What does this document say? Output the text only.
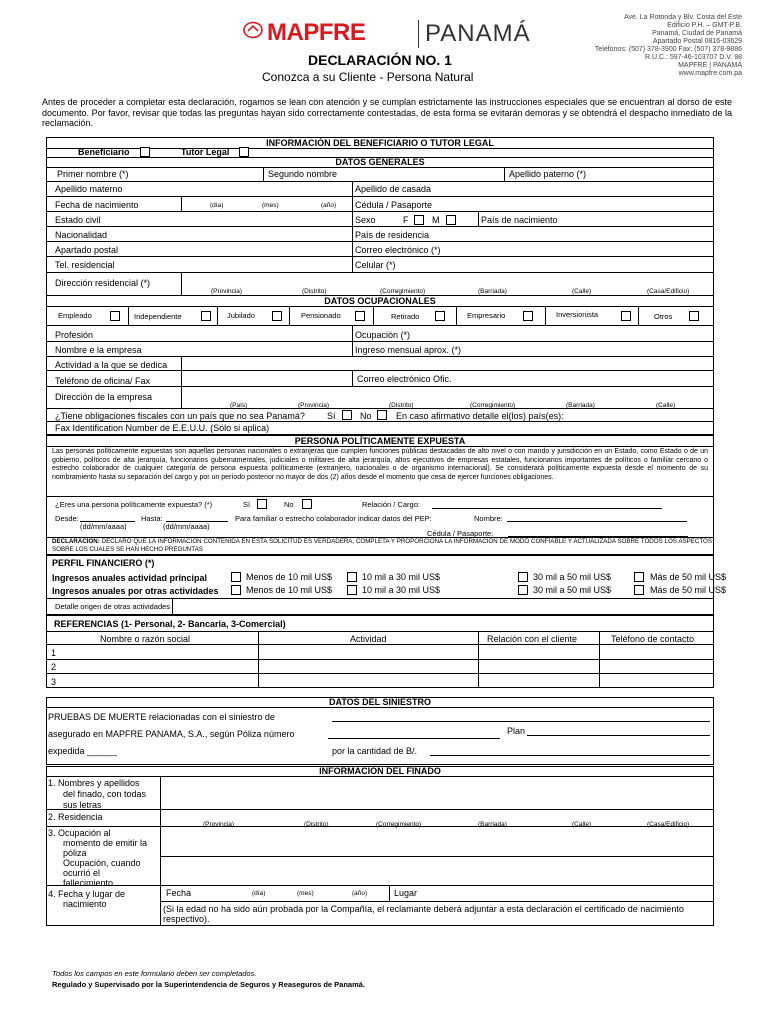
MAPFRE PANAMÁ
Ave. La Rotonda y Blv. Costa del Este
Edificio P.H. – GMT-P.B.
Panamá, Ciudad de Panamá
Apartado Postal 0816-03629
Teléfonos: (507) 378-3900 Fax: (507) 378-9886
R.U.C.: 597-46-103707 D.V. 98
MAPFRE | PANAMÁ
www.mapfre.com.pa
DECLARACIÓN NO. 1
Conozca a su Cliente - Persona Natural
Antes de proceder a completar esta declaración, rogamos se lean con atención y se cumplan estrictamente las instrucciones especiales que se encuentran al dorso de este documento. Por favor, revisar que todas las preguntas hayan sido correctamente contestadas, de esta forma se evitarán demoras y se obtendrá el despacho inmediato de la reclamación.
INFORMACIÓN DEL BENEFICIARIO O TUTOR LEGAL
Beneficiario	Tutor Legal
DATOS GENERALES
Primer nombre (*)	Segundo nombre	Apellido paterno (*)
Apellido materno	Apellido de casada
Fecha de nacimiento	(día)	(mes)	(año) Cédula / Pasaporte
Estado civil	Sexo	F	M	País de nacimiento
Nacionalidad	País de residencia
Apartado postal	Correo electrónico (*)
Tel. residencial	Celular (*)
Dirección residencial (*)
(Provincia)	(Distrito)	(Corregimiento)	(Barriada)	(Calle)	(Casa/Edificio)
DATOS OCUPACIONALES
Empleado	Independiente	Jubilado	Pensionado	Retirado	Empresario	Inversionista	Otros
Profesión	Ocupación (*)
Nombre e la empresa	Ingreso mensual aprox. (*)
Actividad a la que se dedica
Teléfono de oficina/ Fax	Correo electrónico Ofic.
Dirección de la empresa
(País)	(Provincia)	(Distrito)	(Corregimiento)	(Barriada)	(Calle)
¿Tiene obligaciones fiscales con un país que no sea Panamá? Sí	No	En caso afirmativo detalle el(los) país(es):
Fax Identification Number de E.E.U.U. (Sólo si aplica)
PERSONA POLÍTICAMENTE EXPUESTA
Las personas políticamente expuestas son aquellas personas nacionales o extranjeras que cumplen funciones públicas destacadas de alto nivel o con mando y jurisdicción en un Estado, como Estado o de un gobierno, políticos de alta jerarquía, funcionarios gubernamentales, judiciales o militares de alta jerarquía, altos ejecutivos de empresas estatales, funcionarios importantes de políticos o familiar cercano o estrecho colaborador de cualquier categoría de persona expuesta políticamente (extranjero, nacionales o de organismo internacional). Se considerará políticamente expuesta desde el momento de su nombramiento hasta su separación del cargo y por un período posterior no mayor de dos (2) años desde el momento que cesa de ejercer funciones obligaciones.
¿Eres una persona políticamente expuesta? (*)	Sí	No	Relación / Cargo:
Desde:	Hasta:	Para familiar o estrecho colaborador indicar datos del PEP:	Nombre:
(dd/mm/aaaa)	(dd/mm/aaaa)
Cédula / Pasaporte:
DECLARACIÓN: DECLARO QUE LA INFORMACIÓN CONTENIDA EN ESTA SOLICITUD ES VERDADERA, COMPLETA Y PROPORCIONA LA INFORMACIÓN DE MODO CONFIABLE Y ACTUALIZADA SOBRE TODOS LOS ASPECTOS SOBRE LOS CUALES SE HAN HECHO PREGUNTAS
PERFIL FINANCIERO (*)
Ingresos anuales actividad principal	Menos de 10 mil US$	10 mil a 30 mil US$	30 mil a 50 mil US$	Más de 50 mil US$
Ingresos anuales por otras actividades	Menos de 10 mil US$	10 mil a 30 mil US$	30 mil a 50 mil US$	Más de 50 mil US$
Detalle origen de otras actividades
REFERENCIAS (1- Personal, 2- Bancaria, 3-Comercial)
Nombre o razón social	Actividad	Relación con el cliente	Teléfono de contacto
1
2
3
DATOS DEL SINIESTRO
PRUEBAS DE MUERTE relacionadas con el siniestro de
asegurado en MAPFRE PANAMA, S.A., según Póliza número	Plan
expedida ______	por la cantidad de B/.
INFORMACIÓN DEL FINADO
1. Nombres y apellidos
del finado, con todas
sus letras
2. Residencia
(Provincia)	(Distrito)	(Corregimiento)	(Barriada)	(Calle)	(Casa/Edificio)
3. Ocupación al
momento de emitir la
póliza
Ocupación, cuando
ocurrió el
fallecimiento
4. Fecha y lugar de
nacimiento
Fecha	(día)	(mes)	(año)	Lugar
(Si la edad no ha sido aún probada por la Compañía, el reclamante deberá adjuntar a esta declaración el certificado de nacimiento respectivo).
Todos los campos en este formulario deben ser completados.
Regulado y Supervisado por la Superintendencia de Seguros y Reaseguros de Panamá.
